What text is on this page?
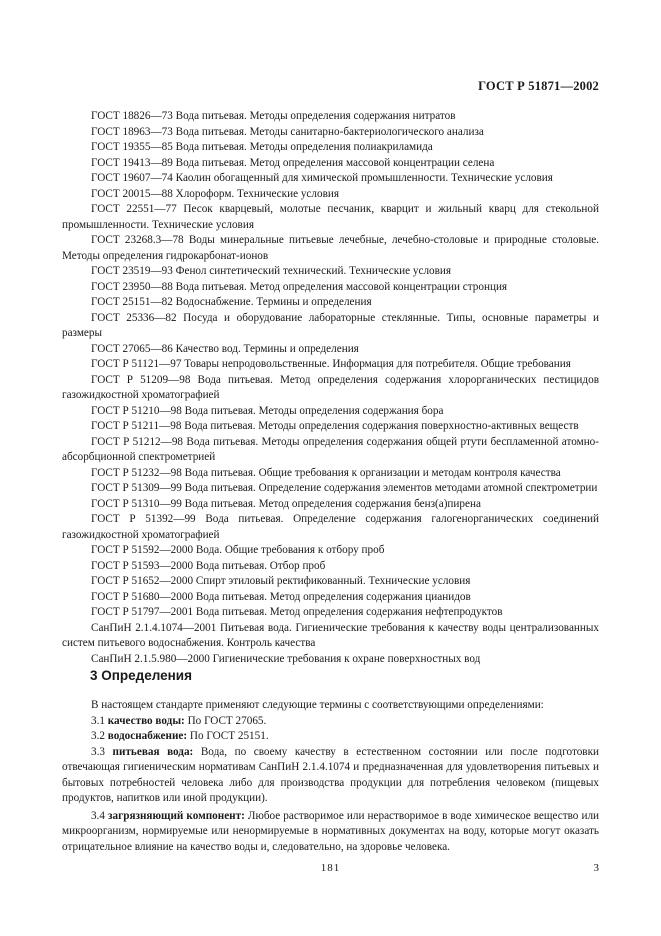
ГОСТ Р 51871—2002

ГОСТ 18826—73 Вода питьевая. Методы определения содержания нитратов

ГОСТ 18963—73 Вода питьевая. Методы санитарно-бактериологического анализа

ГОСТ 19355—85 Вода питьевая. Методы определения полиакриламида

ГОСТ 19413—89 Вода питьевая. Метод определения массовой концентрации селена

ГОСТ 19607—74 Каолин обогащенный для химической промышленности. Технические условия

ГОСТ 20015—88 Хлороформ. Технические условия

ГОСТ 22551—77 Песок кварцевый, молотые песчаник, кварцит и жильный кварц для стекольной промышленности. Технические условия

ГОСТ 23268.3—78 Воды минеральные питьевые лечебные, лечебно-столовые и природные столовые. Методы определения гидрокарбонат-ионов

ГОСТ 23519—93 Фенол синтетический технический. Технические условия

ГОСТ 23950—88 Вода питьевая. Метод определения массовой концентрации стронция

ГОСТ 25151—82 Водоснабжение. Термины и определения

ГОСТ 25336—82 Посуда и оборудование лабораторные стеклянные. Типы, основные параметры и размеры

ГОСТ 27065—86 Качество вод. Термины и определения

ГОСТ Р 51121—97 Товары непродовольственные. Информация для потребителя. Общие требования

ГОСТ Р 51209—98 Вода питьевая. Метод определения содержания хлорорганических пестицидов газожидкостной хроматографией

ГОСТ Р 51210—98 Вода питьевая. Методы определения содержания бора

ГОСТ Р 51211—98 Вода питьевая. Методы определения содержания поверхностно-активных веществ

ГОСТ Р 51212—98 Вода питьевая. Методы определения содержания общей ртути беспламенной атомно-абсорбционной спектрометрией

ГОСТ Р 51232—98 Вода питьевая. Общие требования к организации и методам контроля качества

ГОСТ Р 51309—99 Вода питьевая. Определение содержания элементов методами атомной спектрометрии

ГОСТ Р 51310—99 Вода питьевая. Метод определения содержания бенз(а)пирена

ГОСТ Р 51392—99 Вода питьевая. Определение содержания галогенорганических соединений газожидкостной хроматографией

ГОСТ Р 51592—2000 Вода. Общие требования к отбору проб

ГОСТ Р 51593—2000 Вода питьевая. Отбор проб

ГОСТ Р 51652—2000 Спирт этиловый ректификованный. Технические условия

ГОСТ Р 51680—2000 Вода питьевая. Метод определения содержания цианидов

ГОСТ Р 51797—2001 Вода питьевая. Метод определения содержания нефтепродуктов

СанПиН 2.1.4.1074—2001 Питьевая вода. Гигиенические требования к качеству воды централизованных систем питьевого водоснабжения. Контроль качества

СанПиН 2.1.5.980—2000 Гигиенические требования к охране поверхностных вод

3 Определения

В настоящем стандарте применяют следующие термины с соответствующими определениями:

3.1 качество воды: По ГОСТ 27065.

3.2 водоснабжение: По ГОСТ 25151.

3.3 питьевая вода: Вода, по своему качеству в естественном состоянии или после подготовки отвечающая гигиеническим нормативам СанПиН 2.1.4.1074 и предназначенная для удовлетворения питьевых и бытовых потребностей человека либо для производства продукции для потребления человеком (пищевых продуктов, напитков или иной продукции).

3.4 загрязняющий компонент: Любое растворимое или нерастворимое в воде химическое вещество или микроорганизм, нормируемые или ненормируемые в нормативных документах на воду, которые могут оказать отрицательное влияние на качество воды и, следовательно, на здоровье человека.

181	3
